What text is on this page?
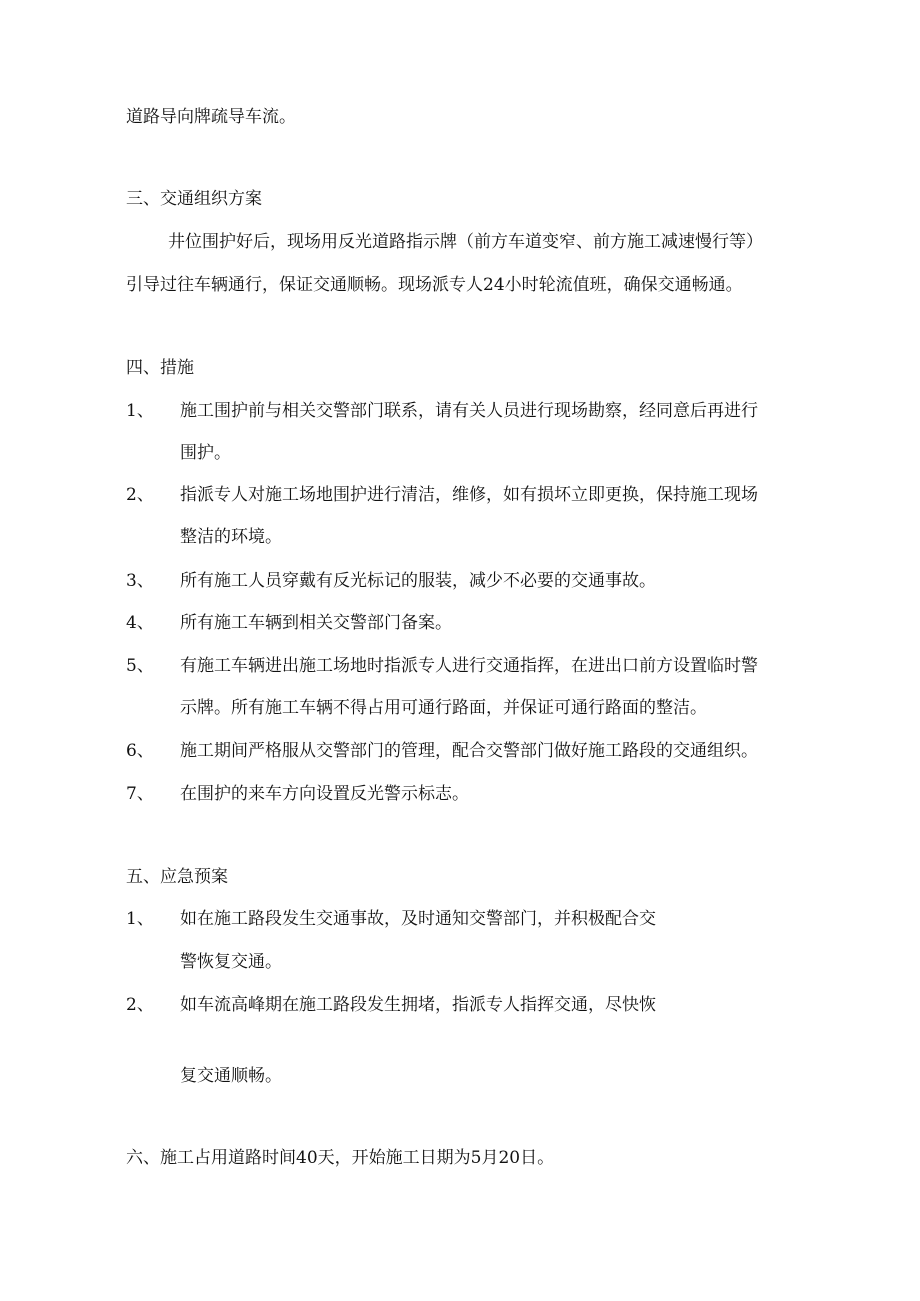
道路导向牌疏导车流。
三、交通组织方案
井位围护好后，现场用反光道路指示牌（前方车道变窄、前方施工减速慢行等）
引导过往车辆通行，保证交通顺畅。现场派专人24小时轮流值班，确保交通畅通。
四、措施
1、 施工围护前与相关交警部门联系，请有关人员进行现场勘察，经同意后再进行
围护。
2、 指派专人对施工场地围护进行清洁，维修，如有损坏立即更换，保持施工现场
整洁的环境。
3、 所有施工人员穿戴有反光标记的服装，减少不必要的交通事故。
4、 所有施工车辆到相关交警部门备案。
5、 有施工车辆进出施工场地时指派专人进行交通指挥，在进出口前方设置临时警
示牌。所有施工车辆不得占用可通行路面，并保证可通行路面的整洁。
6、 施工期间严格服从交警部门的管理，配合交警部门做好施工路段的交通组织。
7、 在围护的来车方向设置反光警示标志。
五、应急预案
1、 如在施工路段发生交通事故，及时通知交警部门，并积极配合交
警恢复交通。
2、 如车流高峰期在施工路段发生拥堵，指派专人指挥交通，尽快恢
复交通顺畅。
六、施工占用道路时间40天，开始施工日期为5月20日。
